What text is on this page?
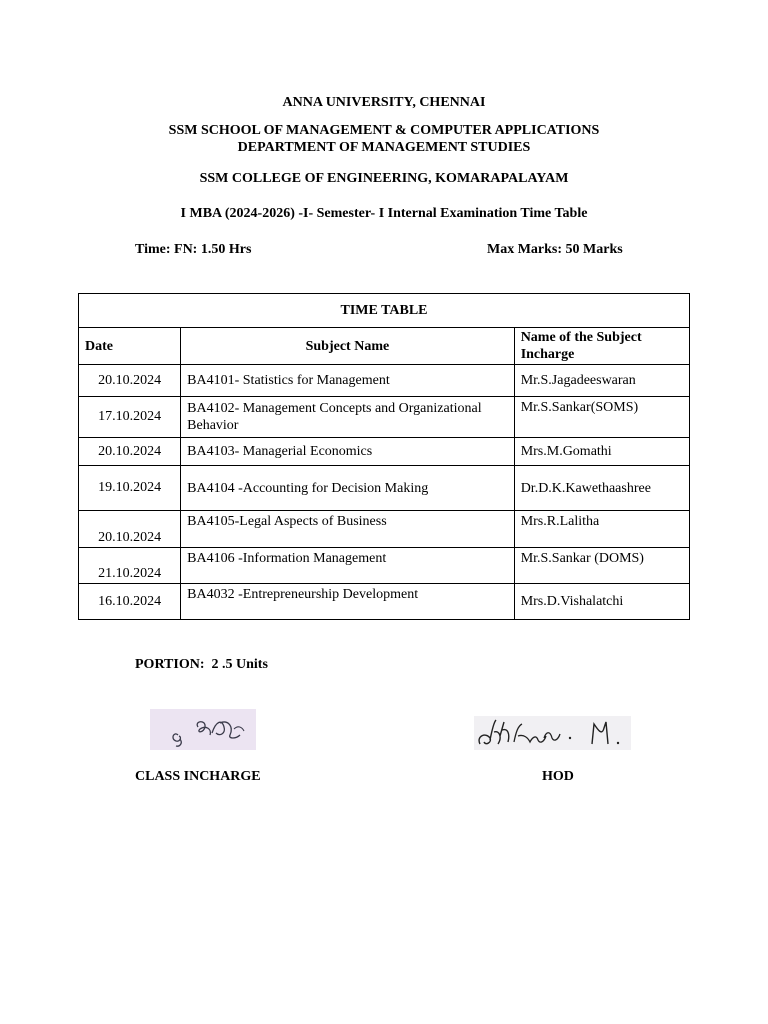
ANNA UNIVERSITY, CHENNAI
SSM SCHOOL OF MANAGEMENT & COMPUTER APPLICATIONS
DEPARTMENT OF MANAGEMENT STUDIES
SSM COLLEGE OF ENGINEERING, KOMARAPALAYAM
I MBA (2024-2026) -I- Semester- I Internal Examination Time Table
Time: FN: 1.50 Hrs	Max Marks: 50 Marks
TIME TABLE		
Date	Subject Name	Name of the Subject Incharge
20.10.2024	BA4101- Statistics for Management	Mr.S.Jagadeeswaran
17.10.2024	BA4102- Management Concepts and Organizational Behavior	Mr.S.Sankar(SOMS)
20.10.2024	BA4103- Managerial Economics	Mrs.M.Gomathi
19.10.2024	BA4104 -Accounting for Decision Making	Dr.D.K.Kawethaashree
20.10.2024	BA4105-Legal Aspects of Business	Mrs.R.Lalitha
21.10.2024	BA4106 -Information Management	Mr.S.Sankar (DOMS)
16.10.2024	BA4032 -Entrepreneurship Development	Mrs.D.Vishalatchi
PORTION:  2 .5 Units
CLASS INCHARGE	HOD
